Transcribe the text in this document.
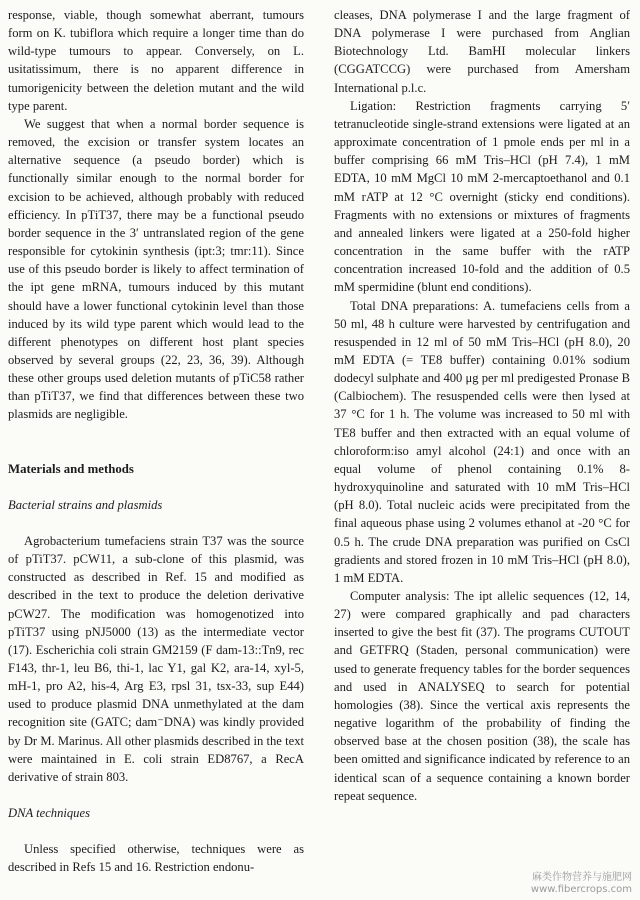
response, viable, though somewhat aberrant, tumours form on K. tubiflora which require a longer time than do wild-type tumours to appear. Conversely, on L. usitatissimum, there is no apparent difference in tumorigenicity between the deletion mutant and the wild type parent.

We suggest that when a normal border sequence is removed, the excision or transfer system locates an alternative sequence (a pseudo border) which is functionally similar enough to the normal border for excision to be achieved, although probably with reduced efficiency. In pTiT37, there may be a functional pseudo border sequence in the 3′ untranslated region of the gene responsible for cytokinin synthesis (ipt:3; tmr:11). Since use of this pseudo border is likely to affect termination of the ipt gene mRNA, tumours induced by this mutant should have a lower functional cytokinin level than those induced by its wild type parent which would lead to the different phenotypes on different host plant species observed by several groups (22, 23, 36, 39). Although these other groups used deletion mutants of pTiC58 rather than pTiT37, we find that differences between these two plasmids are negligible.

Materials and methods

Bacterial strains and plasmids

Agrobacterium tumefaciens strain T37 was the source of pTiT37. pCW11, a sub-clone of this plasmid, was constructed as described in Ref. 15 and modified as described in the text to produce the deletion derivative pCW27. The modification was homogenotized into pTiT37 using pNJ5000 (13) as the intermediate vector (17). Escherichia coli strain GM2159 (F dam-13::Tn9, rec F143, thr-1, leu B6, thi-1, lac Y1, gal K2, ara-14, xyl-5, mH-1, pro A2, his-4, Arg E3, rpsl 31, tsx-33, sup E44) used to produce plasmid DNA unmethylated at the dam recognition site (GATC; dam⁻DNA) was kindly provided by Dr M. Marinus. All other plasmids described in the text were maintained in E. coli strain ED8767, a RecA derivative of strain 803.

DNA techniques

Unless specified otherwise, techniques were as described in Refs 15 and 16. Restriction endonu-

cleases, DNA polymerase I and the large fragment of DNA polymerase I were purchased from Anglian Biotechnology Ltd. BamHI molecular linkers (CGGATCCG) were purchased from Amersham International p.l.c.

Ligation: Restriction fragments carrying 5′ tetranucleotide single-strand extensions were ligated at an approximate concentration of 1 pmole ends per ml in a buffer comprising 66 mM Tris–HCl (pH 7.4), 1 mM EDTA, 10 mM MgCl 10 mM 2-mercaptoethanol and 0.1 mM rATP at 12 °C overnight (sticky end conditions). Fragments with no extensions or mixtures of fragments and annealed linkers were ligated at a 250-fold higher concentration in the same buffer with the rATP concentration increased 10-fold and the addition of 0.5 mM spermidine (blunt end conditions).

Total DNA preparations: A. tumefaciens cells from a 50 ml, 48 h culture were harvested by centrifugation and resuspended in 12 ml of 50 mM Tris–HCl (pH 8.0), 20 mM EDTA (= TE8 buffer) containing 0.01% sodium dodecyl sulphate and 400 μg per ml predigested Pronase B (Calbiochem). The resuspended cells were then lysed at 37 °C for 1 h. The volume was increased to 50 ml with TE8 buffer and then extracted with an equal volume of chloroform:iso amyl alcohol (24:1) and once with an equal volume of phenol containing 0.1% 8-hydroxyquinoline and saturated with 10 mM Tris–HCl (pH 8.0). Total nucleic acids were precipitated from the final aqueous phase using 2 volumes ethanol at -20 °C for 0.5 h. The crude DNA preparation was purified on CsCl gradients and stored frozen in 10 mM Tris–HCl (pH 8.0), 1 mM EDTA.

Computer analysis: The ipt allelic sequences (12, 14, 27) were compared graphically and pad characters inserted to give the best fit (37). The programs CUTOUT and GETFRQ (Staden, personal communication) were used to generate frequency tables for the border sequences and used in ANALYSEQ to search for potential homologies (38). Since the vertical axis represents the negative logarithm of the probability of finding the observed base at the chosen position (38), the scale has been omitted and significance indicated by reference to an identical scan of a sequence containing a known border repeat sequence.

麻类作物营养与施肥网
www.fibercrops.com
